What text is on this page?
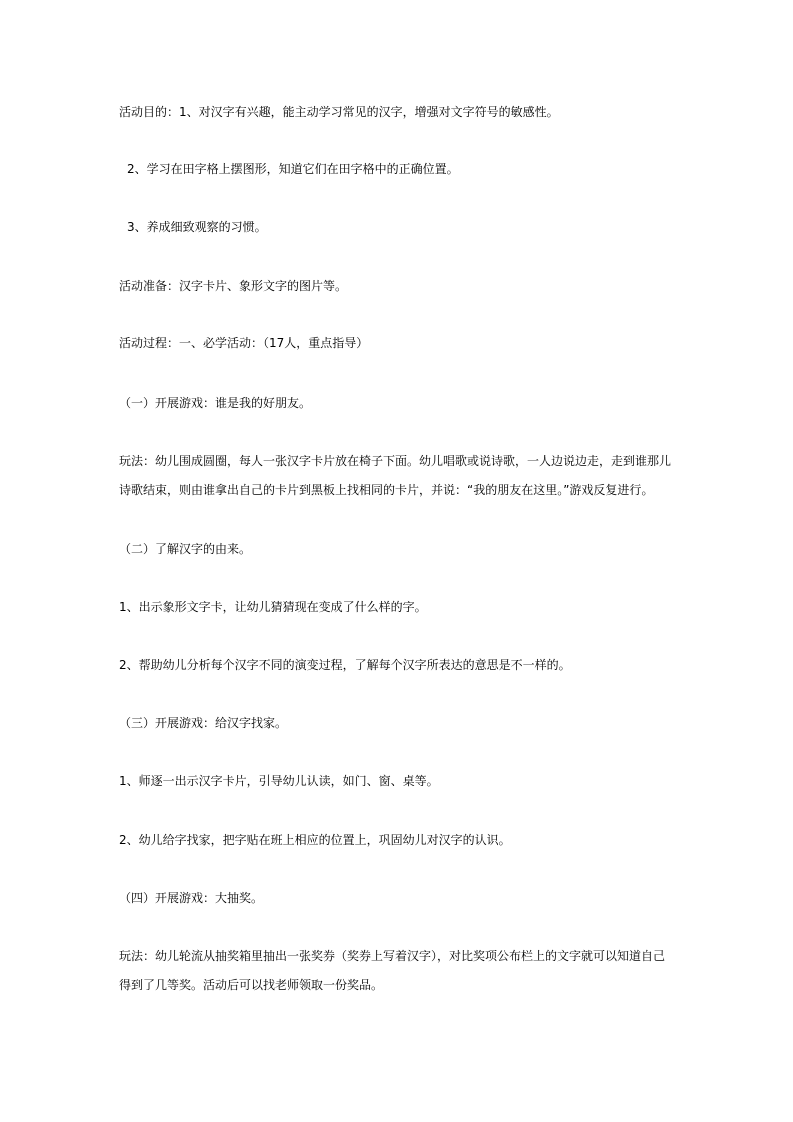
活动目的：1、对汉字有兴趣，能主动学习常见的汉字，增强对文字符号的敏感性。
2、学习在田字格上摆图形，知道它们在田字格中的正确位置。
3、养成细致观察的习惯。
活动准备：汉字卡片、象形文字的图片等。
活动过程：一、必学活动：（17人，重点指导）
（一）开展游戏：谁是我的好朋友。
玩法：幼儿围成圆圈，每人一张汉字卡片放在椅子下面。幼儿唱歌或说诗歌，一人边说边走，走到谁那儿
诗歌结束，则由谁拿出自己的卡片到黑板上找相同的卡片，并说：“我的朋友在这里。”游戏反复进行。
（二）了解汉字的由来。
1、出示象形文字卡，让幼儿猜猜现在变成了什么样的字。
2、帮助幼儿分析每个汉字不同的演变过程，了解每个汉字所表达的意思是不一样的。
（三）开展游戏：给汉字找家。
1、师逐一出示汉字卡片，引导幼儿认读，如门、窗、桌等。
2、幼儿给字找家，把字贴在班上相应的位置上，巩固幼儿对汉字的认识。
（四）开展游戏：大抽奖。
玩法：幼儿轮流从抽奖箱里抽出一张奖券（奖券上写着汉字），对比奖项公布栏上的文字就可以知道自己
得到了几等奖。活动后可以找老师领取一份奖品。
